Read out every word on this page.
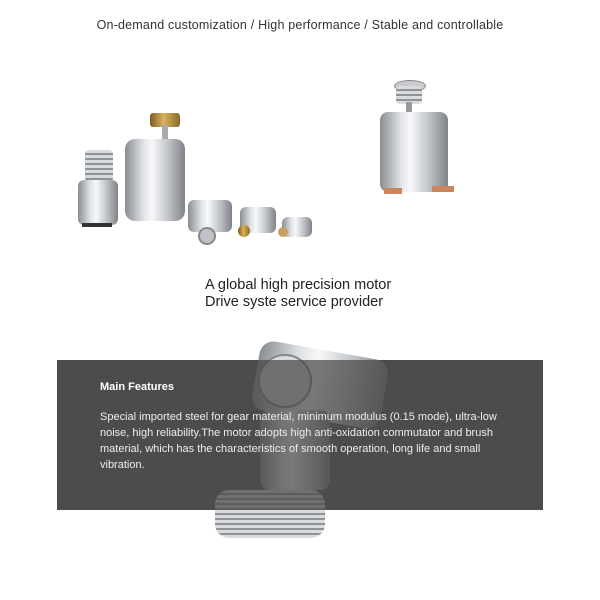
On-demand customization / High performance / Stable and controllable
A global high precision motor
Drive syste service provider
Main Features

Special imported steel for gear material, minimum modulus (0.15 mode), ultra-low noise, high reliability.The motor adopts high anti-oxidation commutator and brush material, which has the characteristics of smooth operation, long life and small vibration.
